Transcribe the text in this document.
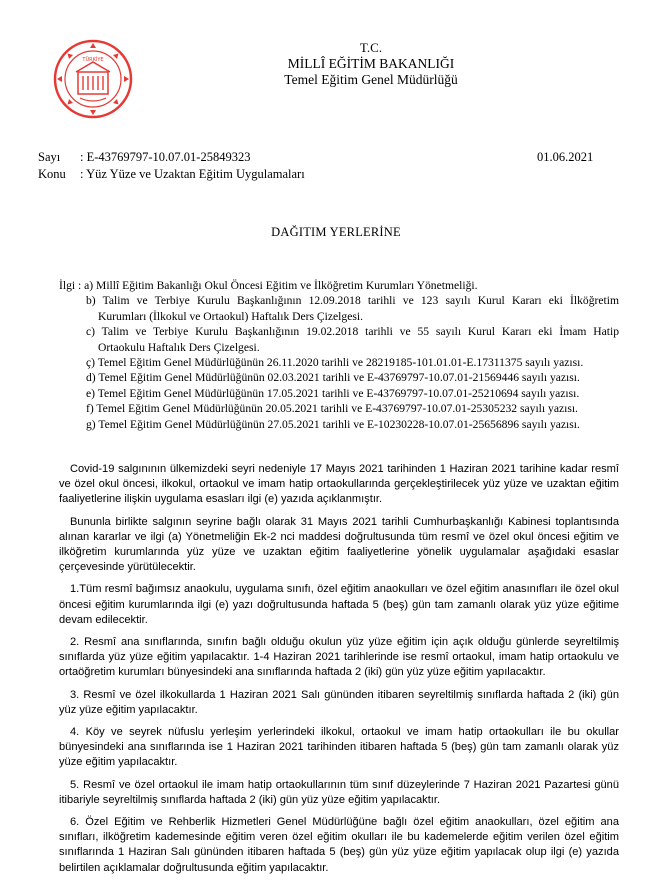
TÜRKİYE
T.C.
MİLLÎ EĞİTİM BAKANLIĞI
Temel Eğitim Genel Müdürlüğü
Sayı : E-43769797-10.07.01-25849323	01.06.2021
Konu : Yüz Yüze ve Uzaktan Eğitim Uygulamaları
DAĞITIM YERLERİNE
İlgi : a) Millî Eğitim Bakanlığı Okul Öncesi Eğitim ve İlköğretim Kurumları Yönetmeliği.
b) Talim ve Terbiye Kurulu Başkanlığının 12.09.2018 tarihli ve 123 sayılı Kurul Kararı eki İlköğretim
Kurumları (İlkokul ve Ortaokul) Haftalık Ders Çizelgesi.
c) Talim ve Terbiye Kurulu Başkanlığının 19.02.2018 tarihli ve 55 sayılı Kurul Kararı eki İmam Hatip
Ortaokulu Haftalık Ders Çizelgesi.
ç) Temel Eğitim Genel Müdürlüğünün 26.11.2020 tarihli ve 28219185-101.01.01-E.17311375 sayılı yazısı.
d) Temel Eğitim Genel Müdürlüğünün 02.03.2021 tarihli ve E-43769797-10.07.01-21569446 sayılı yazısı.
e) Temel Eğitim Genel Müdürlüğünün 17.05.2021 tarihli ve E-43769797-10.07.01-25210694 sayılı yazısı.
f) Temel Eğitim Genel Müdürlüğünün 20.05.2021 tarihli ve E-43769797-10.07.01-25305232 sayılı yazısı.
g) Temel Eğitim Genel Müdürlüğünün 27.05.2021 tarihli ve E-10230228-10.07.01-25656896 sayılı yazısı.

Covid-19 salgınının ülkemizdeki seyri nedeniyle 17 Mayıs 2021 tarihinden 1 Haziran 2021 tarihine kadar resmî ve özel okul öncesi, ilkokul, ortaokul ve imam hatip ortaokullarında gerçekleştirilecek yüz yüze ve uzaktan eğitim faaliyetlerine ilişkin uygulama esasları ilgi (e) yazıda açıklanmıştır.

Bununla birlikte salgının seyrine bağlı olarak 31 Mayıs 2021 tarihli Cumhurbaşkanlığı Kabinesi toplantısında alınan kararlar ve ilgi (a) Yönetmeliğin Ek-2 nci maddesi doğrultusunda tüm resmî ve özel okul öncesi eğitim ve ilköğretim kurumlarında yüz yüze ve uzaktan eğitim faaliyetlerine yönelik uygulamalar aşağıdaki esaslar çerçevesinde yürütülecektir.

1.Tüm resmî bağımsız anaokulu, uygulama sınıfı, özel eğitim anaokulları ve özel eğitim anasınıfları ile özel okul öncesi eğitim kurumlarında ilgi (e) yazı doğrultusunda haftada 5 (beş) gün tam zamanlı olarak yüz yüze eğitime devam edilecektir.

2. Resmî ana sınıflarında, sınıfın bağlı olduğu okulun yüz yüze eğitim için açık olduğu günlerde seyreltilmiş sınıflarda yüz yüze eğitim yapılacaktır. 1-4 Haziran 2021 tarihlerinde ise resmî ortaokul, imam hatip ortaokulu ve ortaöğretim kurumları bünyesindeki ana sınıflarında haftada 2 (iki) gün yüz yüze eğitim yapılacaktır.

3. Resmî ve özel ilkokullarda 1 Haziran 2021 Salı gününden itibaren seyreltilmiş sınıflarda haftada 2 (iki) gün yüz yüze eğitim yapılacaktır.

4. Köy ve seyrek nüfuslu yerleşim yerlerindeki ilkokul, ortaokul ve imam hatip ortaokulları ile bu okullar bünyesindeki ana sınıflarında ise 1 Haziran 2021 tarihinden itibaren haftada 5 (beş) gün tam zamanlı olarak yüz yüze eğitim yapılacaktır.

5. Resmî ve özel ortaokul ile imam hatip ortaokullarının tüm sınıf düzeylerinde 7 Haziran 2021 Pazartesi günü itibariyle seyreltilmiş sınıflarda haftada 2 (iki) gün yüz yüze eğitim yapılacaktır.

6. Özel Eğitim ve Rehberlik Hizmetleri Genel Müdürlüğüne bağlı özel eğitim anaokulları, özel eğitim ana sınıfları, ilköğretim kademesinde eğitim veren özel eğitim okulları ile bu kademelerde eğitim verilen özel eğitim sınıflarında 1 Haziran Salı gününden itibaren haftada 5 (beş) gün yüz yüze eğitim yapılacak olup ilgi (e) yazıda belirtilen açıklamalar doğrultusunda eğitim yapılacaktır.
